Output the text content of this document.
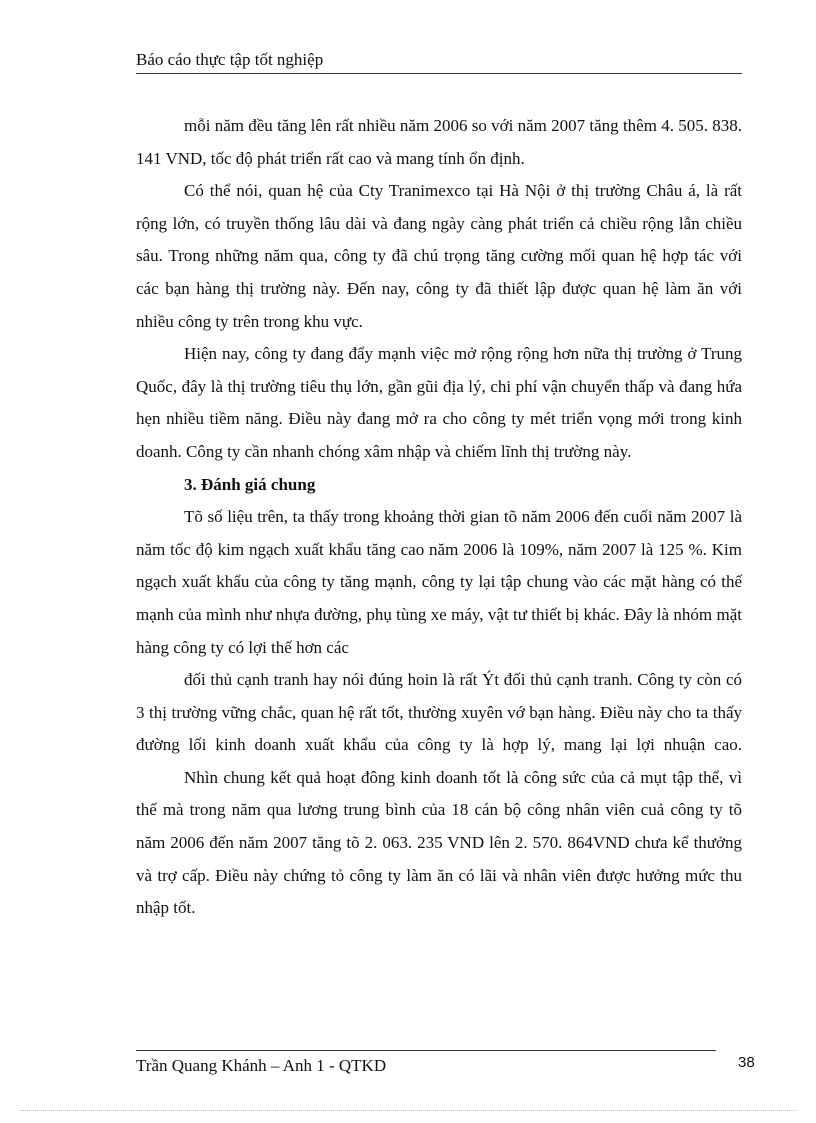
Báo cáo thực tập tốt nghiệp

mỗi năm đều tăng lên rất nhiều năm 2006 so với năm 2007 tăng thêm 4. 505. 838. 141 VND, tốc độ phát triển rất cao và mang tính ổn định.

Có thể nói, quan hệ của Cty Tranimexco tại Hà Nội ở thị trường Châu á, là rất rộng lớn, có truyền thống lâu dài và đang ngày càng phát triển cả chiều rộng lẫn chiều sâu. Trong những năm qua, công ty đã chú trọng tăng cường mối quan hệ hợp tác với các bạn hàng thị trường này. Đến nay, công ty đã thiết lập được quan hệ làm ăn với nhiều công ty trên trong khu vực.

Hiện nay, công ty đang đẩy mạnh việc mở rộng rộng hơn nữa thị trường ở Trung Quốc, đây là thị trường tiêu thụ lớn, gần gũi địa lý, chi phí vận chuyển thấp và đang hứa hẹn nhiều tiềm năng. Điều này đang mở ra cho công ty mét triển vọng mới trong kinh doanh. Công ty cần nhanh chóng xâm nhập và chiếm lĩnh thị trường này.

3. Đánh giá chung

Tõ số liệu trên, ta thấy trong khoảng thời gian tõ năm 2006 đến cuối năm 2007 là năm tốc độ kim ngạch xuất khẩu tăng cao năm 2006 là 109%, năm 2007 là 125 %. Kim ngạch xuất khẩu của công ty tăng mạnh, công ty lại tập chung vào các mặt hàng có thế mạnh của mình như nhựa đường, phụ tùng xe máy, vật tư thiết bị khác. Đây là nhóm mặt hàng công ty có lợi thế hơn các

đối thủ cạnh tranh hay nói đúng hoin là rất Ýt đối thủ cạnh tranh. Công ty còn có 3 thị trường vững chắc, quan hệ rất tốt, thường xuyên vớ bạn hàng. Điều này cho ta thấy đường lối kinh doanh xuất khẩu của công ty là hợp lý, mang lại lợi nhuận cao.

Nhìn chung kết quả hoạt đông kinh doanh tốt là công sức của cả mụt tập thể, vì thế mà trong năm qua lương trung bình của 18 cán bộ công nhân viên cuả công ty tõ năm 2006 đến năm 2007 tăng tõ 2. 063. 235 VND lên 2. 570. 864VND chưa kể thưởng và trợ cấp. Điều này chứng tỏ công ty làm ăn có lãi và nhân viên được hưởng mức thu nhập tốt.

Trần Quang Khánh – Anh 1 - QTKD	38
